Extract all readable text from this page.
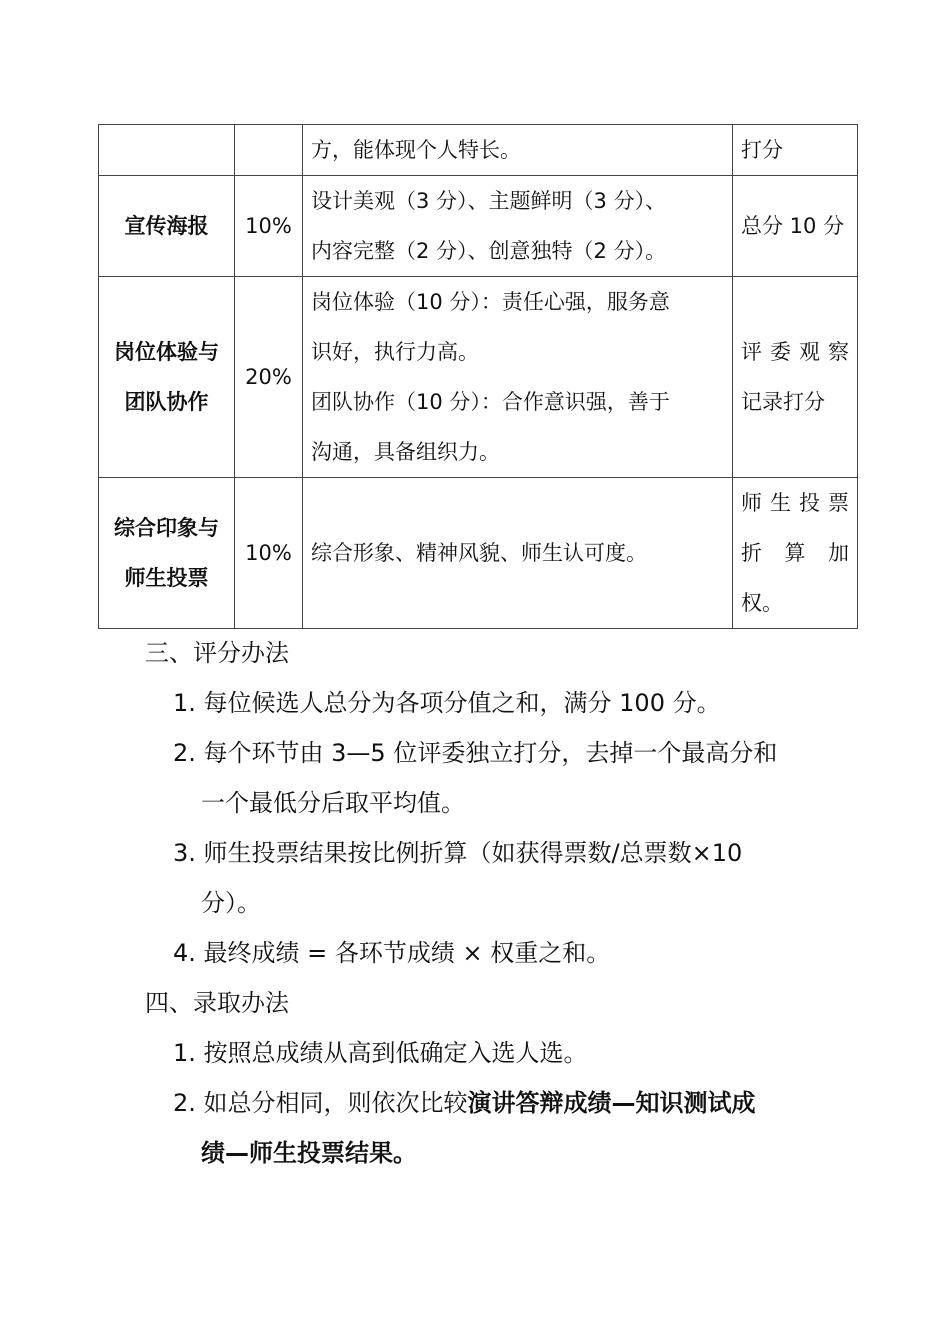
		方，能体现个人特长。	打分

宣传海报	10%	设计美观（3 分）、主题鲜明（3 分）、
内容完整（2 分）、创意独特（2 分）。	总分 10 分

岗位体验与
团队协作	20%	岗位体验（10 分）：责任心强，服务意
识好，执行力高。
团队协作（10 分）：合作意识强，善于
沟通，具备组织力。	评委观察
记录打分

综合印象与
师生投票	10%	综合形象、精神风貌、师生认可度。	师生投票
折算加
权。
三、评分办法
1. 每位候选人总分为各项分值之和，满分 100 分。
2. 每个环节由 3—5 位评委独立打分，去掉一个最高分和
一个最低分后取平均值。
3. 师生投票结果按比例折算（如获得票数/总票数×10
分）。
4. 最终成绩 = 各环节成绩 × 权重之和。
四、录取办法
1. 按照总成绩从高到低确定入选人选。
2. 如总分相同，则依次比较演讲答辩成绩—知识测试成
绩—师生投票结果。
